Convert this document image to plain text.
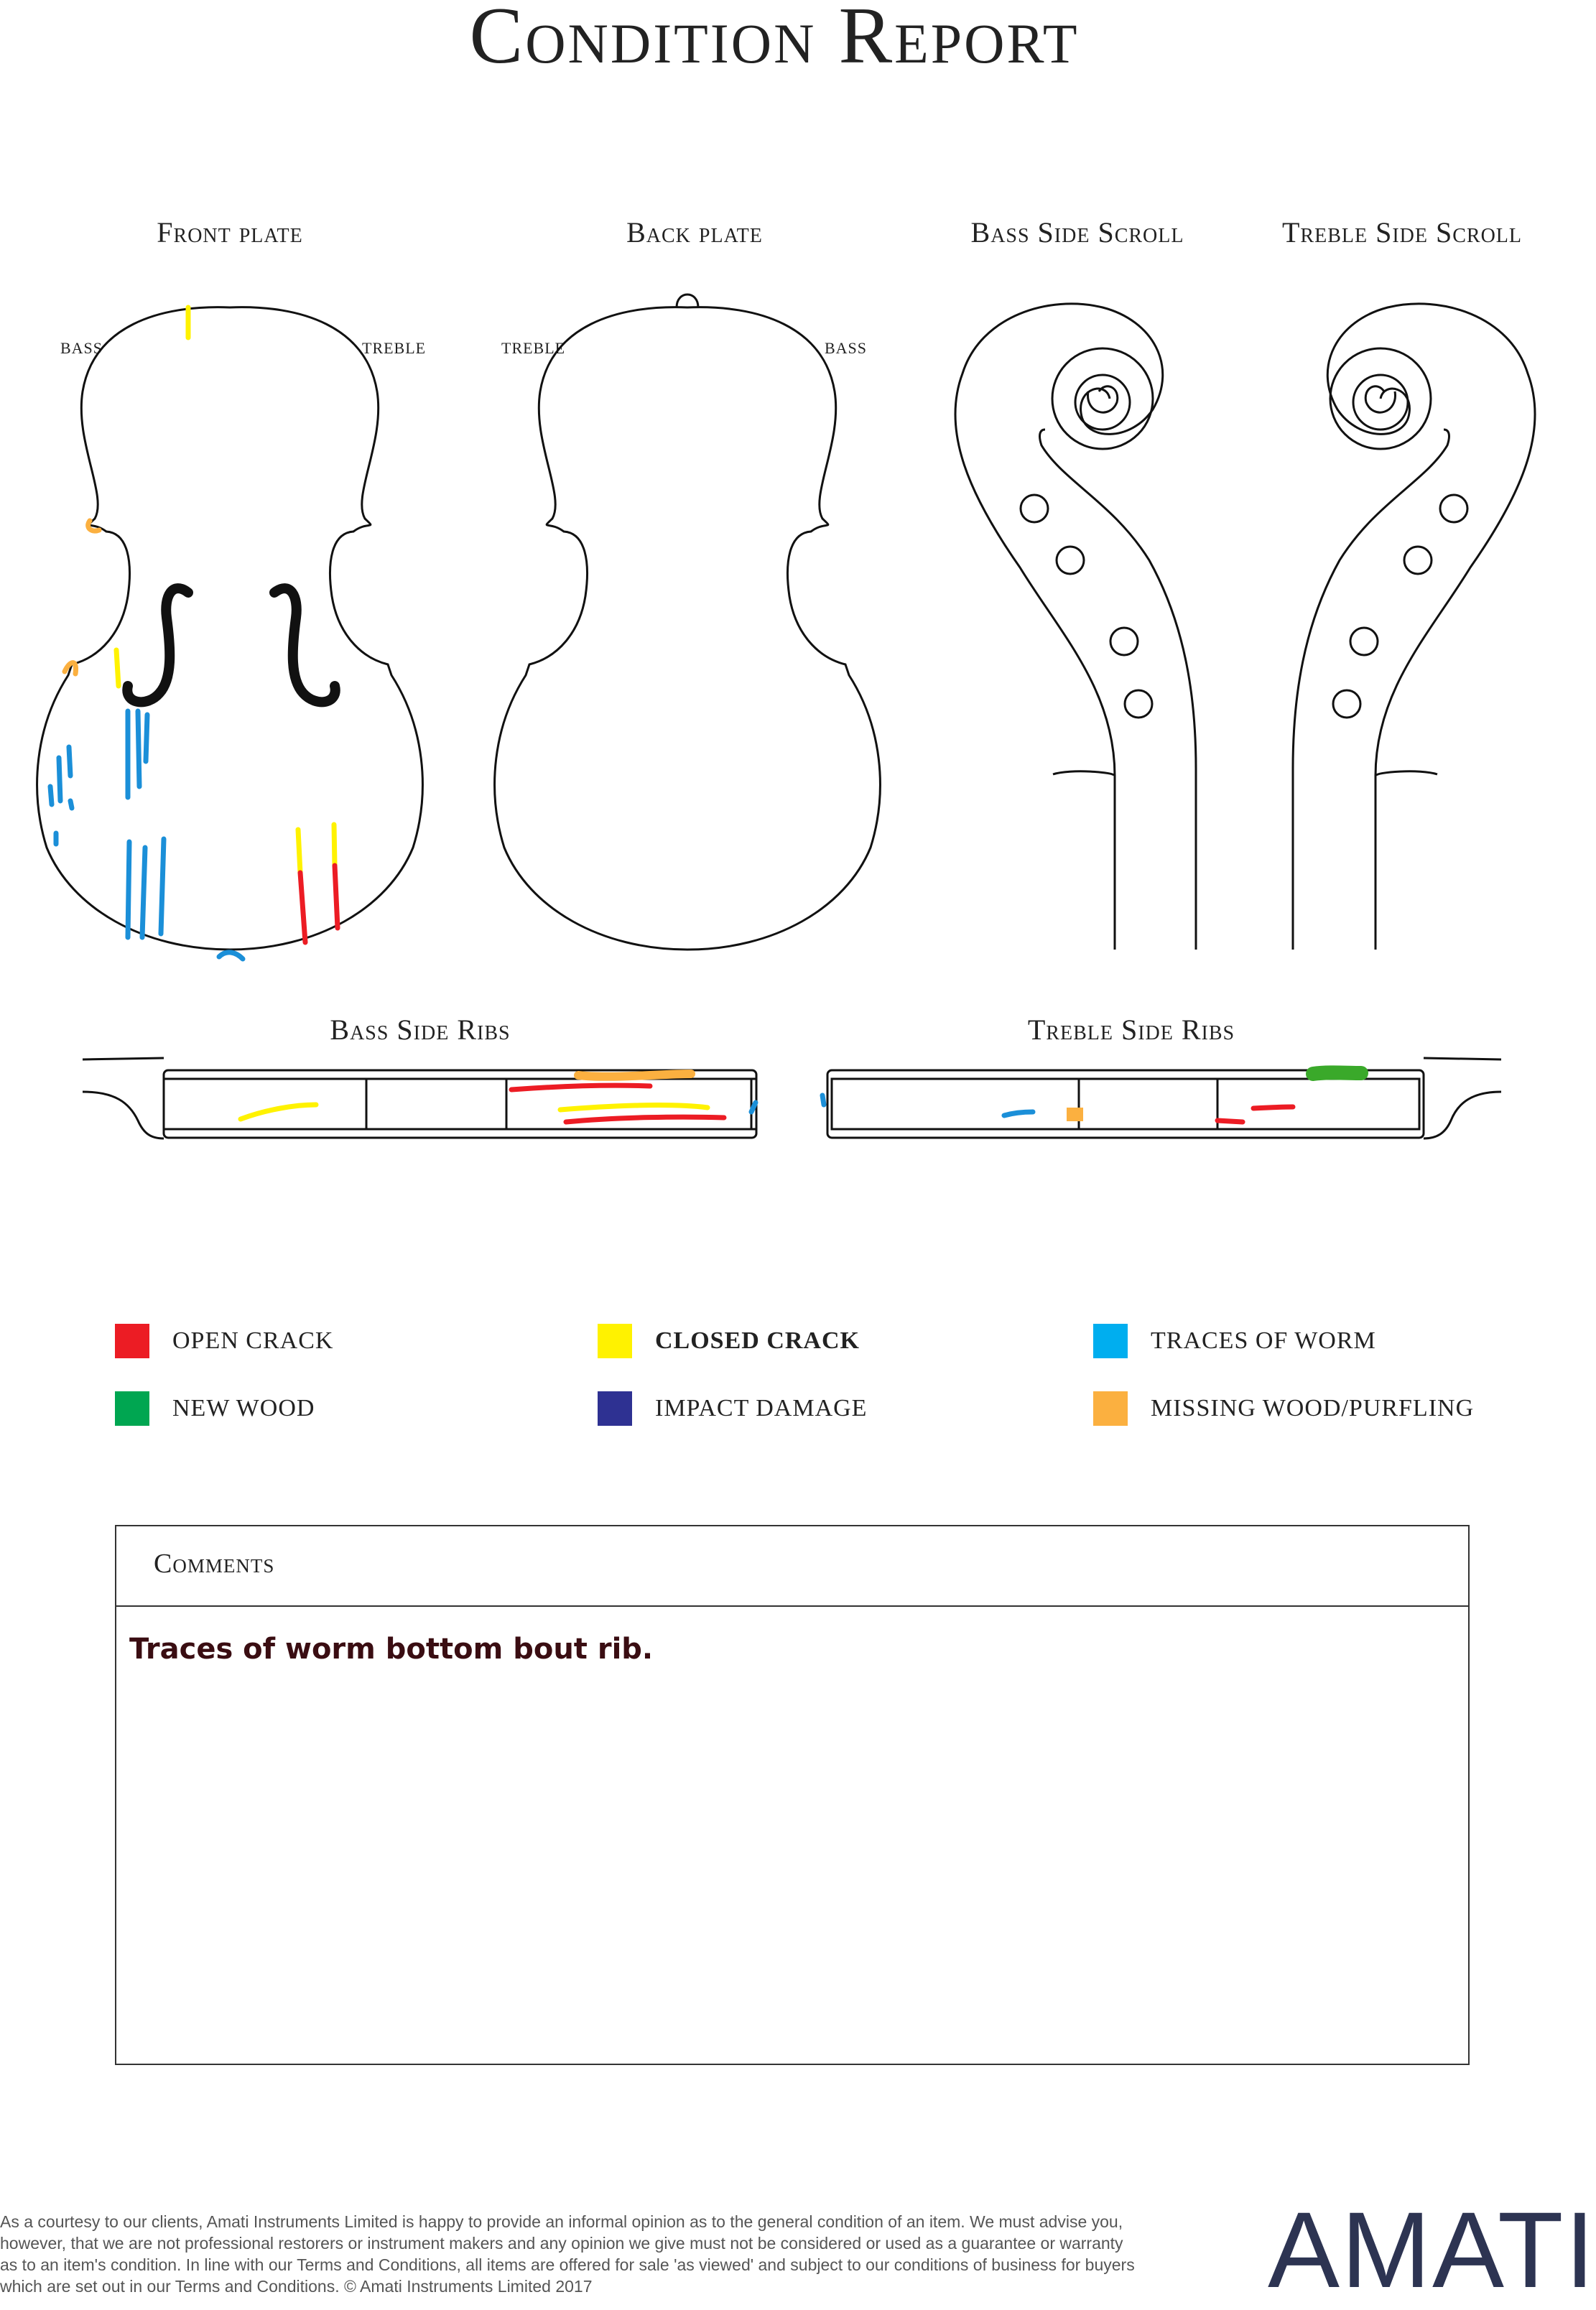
Condition Report
Front plate	Back plate	Bass Side Scroll	Treble Side Scroll
Bass Side Ribs	Treble Side Ribs
BASS	TREBLE	TREBLE	BASS
OPEN CRACK	CLOSED CRACK	TRACES OF WORM
NEW WOOD	IMPACT DAMAGE	MISSING WOOD/PURFLING
Comments
Traces of worm bottom bout rib.
As a courtesy to our clients, Amati Instruments Limited is happy to provide an informal opinion as to the general condition of an item. We must advise you, however, that we are not professional restorers or instrument makers and any opinion we give must not be considered or used as a guarantee or warranty as to an item's condition. In line with our Terms and Conditions, all items are offered for sale 'as viewed' and subject to our conditions of business for buyers which are set out in our Terms and Conditions. © Amati Instruments Limited 2017	AMATI
